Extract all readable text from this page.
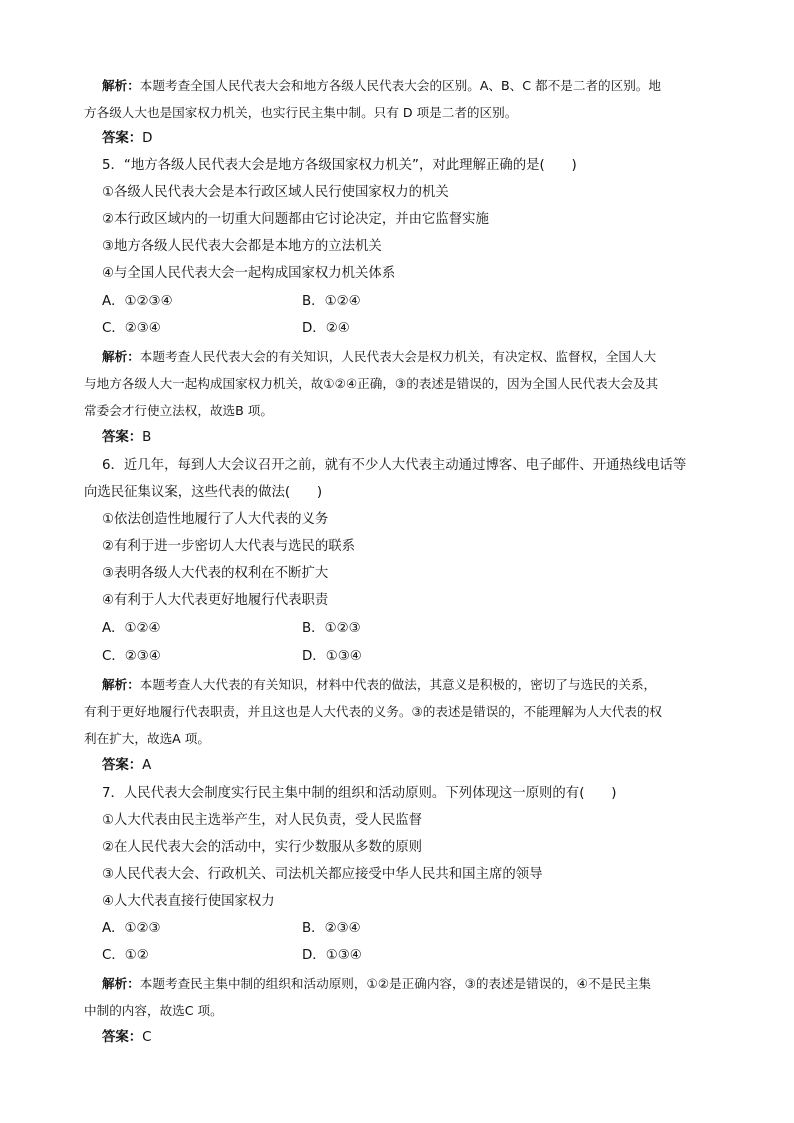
解析：本题考查全国人民代表大会和地方各级人民代表大会的区别。A、B、C 都不是二者的区别。地
方各级人大也是国家权力机关，也实行民主集中制。只有 D 项是二者的区别。
答案：D
5．“地方各级人民代表大会是地方各级国家权力机关”，对此理解正确的是(　　)
①各级人民代表大会是本行政区域人民行使国家权力的机关
②本行政区域内的一切重大问题都由它讨论决定，并由它监督实施
③地方各级人民代表大会都是本地方的立法机关
④与全国人民代表大会一起构成国家权力机关体系
A．①②③④	B．①②④
C．②③④	D．②④
解析：本题考查人民代表大会的有关知识，人民代表大会是权力机关，有决定权、监督权，全国人大
与地方各级人大一起构成国家权力机关，故①②④正确，③的表述是错误的，因为全国人民代表大会及其
常委会才行使立法权，故选B 项。
答案：B
6．近几年，每到人大会议召开之前，就有不少人大代表主动通过博客、电子邮件、开通热线电话等
向选民征集议案，这些代表的做法(　　)
①依法创造性地履行了人大代表的义务
②有利于进一步密切人大代表与选民的联系
③表明各级人大代表的权利在不断扩大
④有利于人大代表更好地履行代表职责
A．①②④	B．①②③
C．②③④	D．①③④
解析：本题考查人大代表的有关知识，材料中代表的做法，其意义是积极的，密切了与选民的关系，
有利于更好地履行代表职责，并且这也是人大代表的义务。③的表述是错误的，不能理解为人大代表的权
利在扩大，故选A 项。
答案：A
7．人民代表大会制度实行民主集中制的组织和活动原则。下列体现这一原则的有(　　)
①人大代表由民主选举产生，对人民负责，受人民监督
②在人民代表大会的活动中，实行少数服从多数的原则
③人民代表大会、行政机关、司法机关都应接受中华人民共和国主席的领导
④人大代表直接行使国家权力
A．①②③	B．②③④
C．①②	D．①③④
解析：本题考查民主集中制的组织和活动原则，①②是正确内容，③的表述是错误的，④不是民主集
中制的内容，故选C 项。
答案：C
